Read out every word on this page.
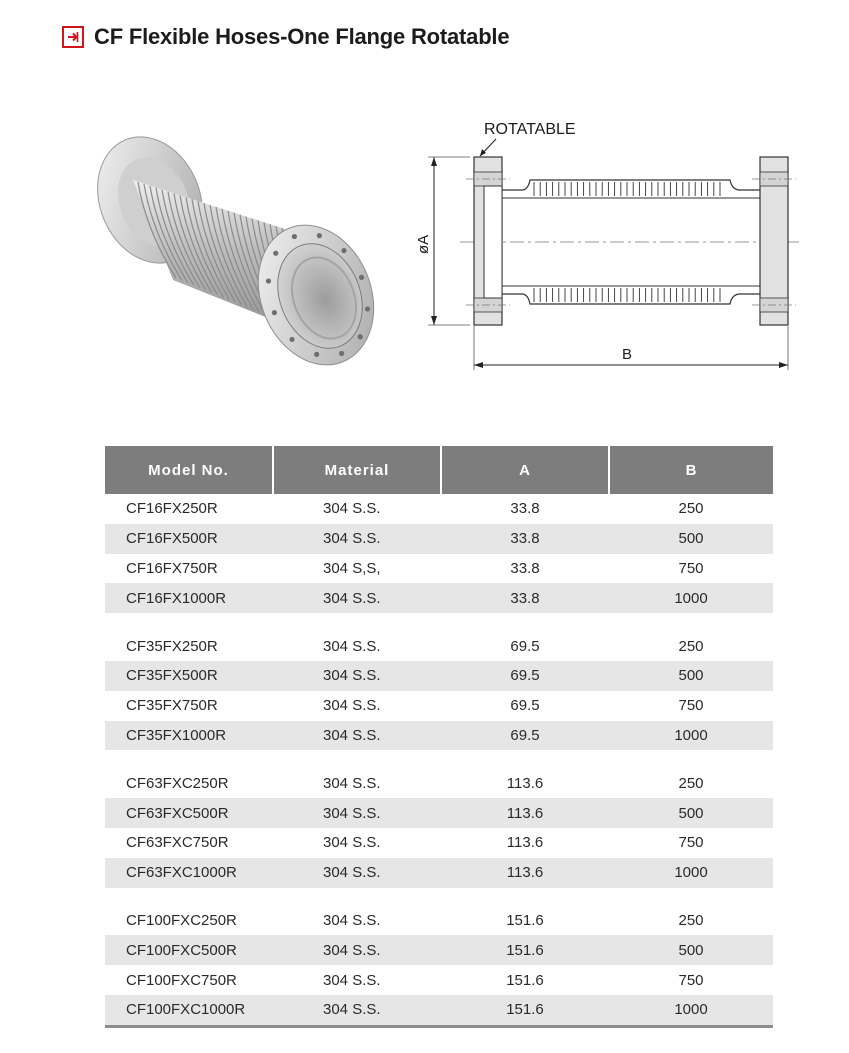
CF Flexible Hoses-One Flange Rotatable
ROTATABLE
øA
B
Model No.	Material	A	B
CF16FX250R	304 S.S.	33.8	250
CF16FX500R	304 S.S.	33.8	500
CF16FX750R	304 S,S,	33.8	750
CF16FX1000R	304 S.S.	33.8	1000

CF35FX250R	304 S.S.	69.5	250
CF35FX500R	304 S.S.	69.5	500
CF35FX750R	304 S.S.	69.5	750
CF35FX1000R	304 S.S.	69.5	1000

CF63FXC250R	304 S.S.	113.6	250
CF63FXC500R	304 S.S.	113.6	500
CF63FXC750R	304 S.S.	113.6	750
CF63FXC1000R	304 S.S.	113.6	1000

CF100FXC250R	304 S.S.	151.6	250
CF100FXC500R	304 S.S.	151.6	500
CF100FXC750R	304 S.S.	151.6	750
CF100FXC1000R	304 S.S.	151.6	1000
